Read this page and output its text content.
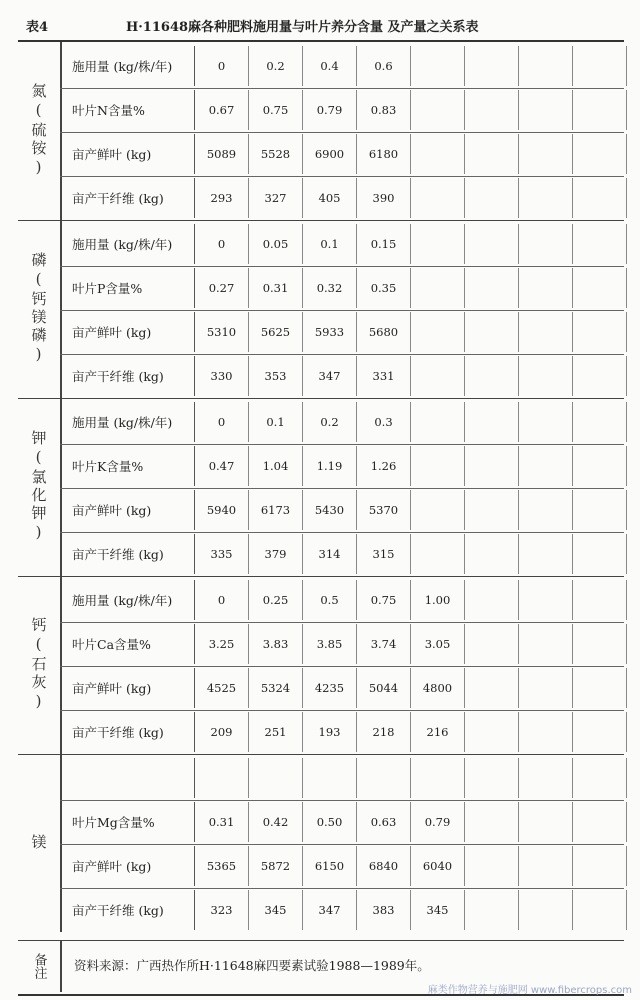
表4	H·11648麻各种肥料施用量与叶片养分含量 及产量之关系表
氮(硫铵)
施用量 (kg/株/年)	0	0.2	0.4	0.6
叶片N含量%	0.67	0.75	0.79	0.83
亩产鲜叶 (kg)	5089	5528	6900	6180
亩产干纤维 (kg)	293	327	405	390
磷(钙镁磷)
施用量 (kg/株/年)	0	0.05	0.1	0.15
叶片P含量%	0.27	0.31	0.32	0.35
亩产鲜叶 (kg)	5310	5625	5933	5680
亩产干纤维 (kg)	330	353	347	331
钾(氯化钾)
施用量 (kg/株/年)	0	0.1	0.2	0.3
叶片K含量%	0.47	1.04	1.19	1.26
亩产鲜叶 (kg)	5940	6173	5430	5370
亩产干纤维 (kg)	335	379	314	315
钙(石灰)
施用量 (kg/株/年)	0	0.25	0.5	0.75	1.00
叶片Ca含量%	3.25	3.83	3.85	3.74	3.05
亩产鲜叶 (kg)	4525	5324	4235	5044	4800
亩产干纤维 (kg)	209	251	193	218	216
镁
叶片Mg含量%	0.31	0.42	0.50	0.63	0.79
亩产鲜叶 (kg)	5365	5872	6150	6840	6040
亩产干纤维 (kg)	323	345	347	383	345
备注	资料来源：广西热作所H·11648麻四要素试验1988—1989年。
麻类作物营养与施肥网 www.fibercrops.com
